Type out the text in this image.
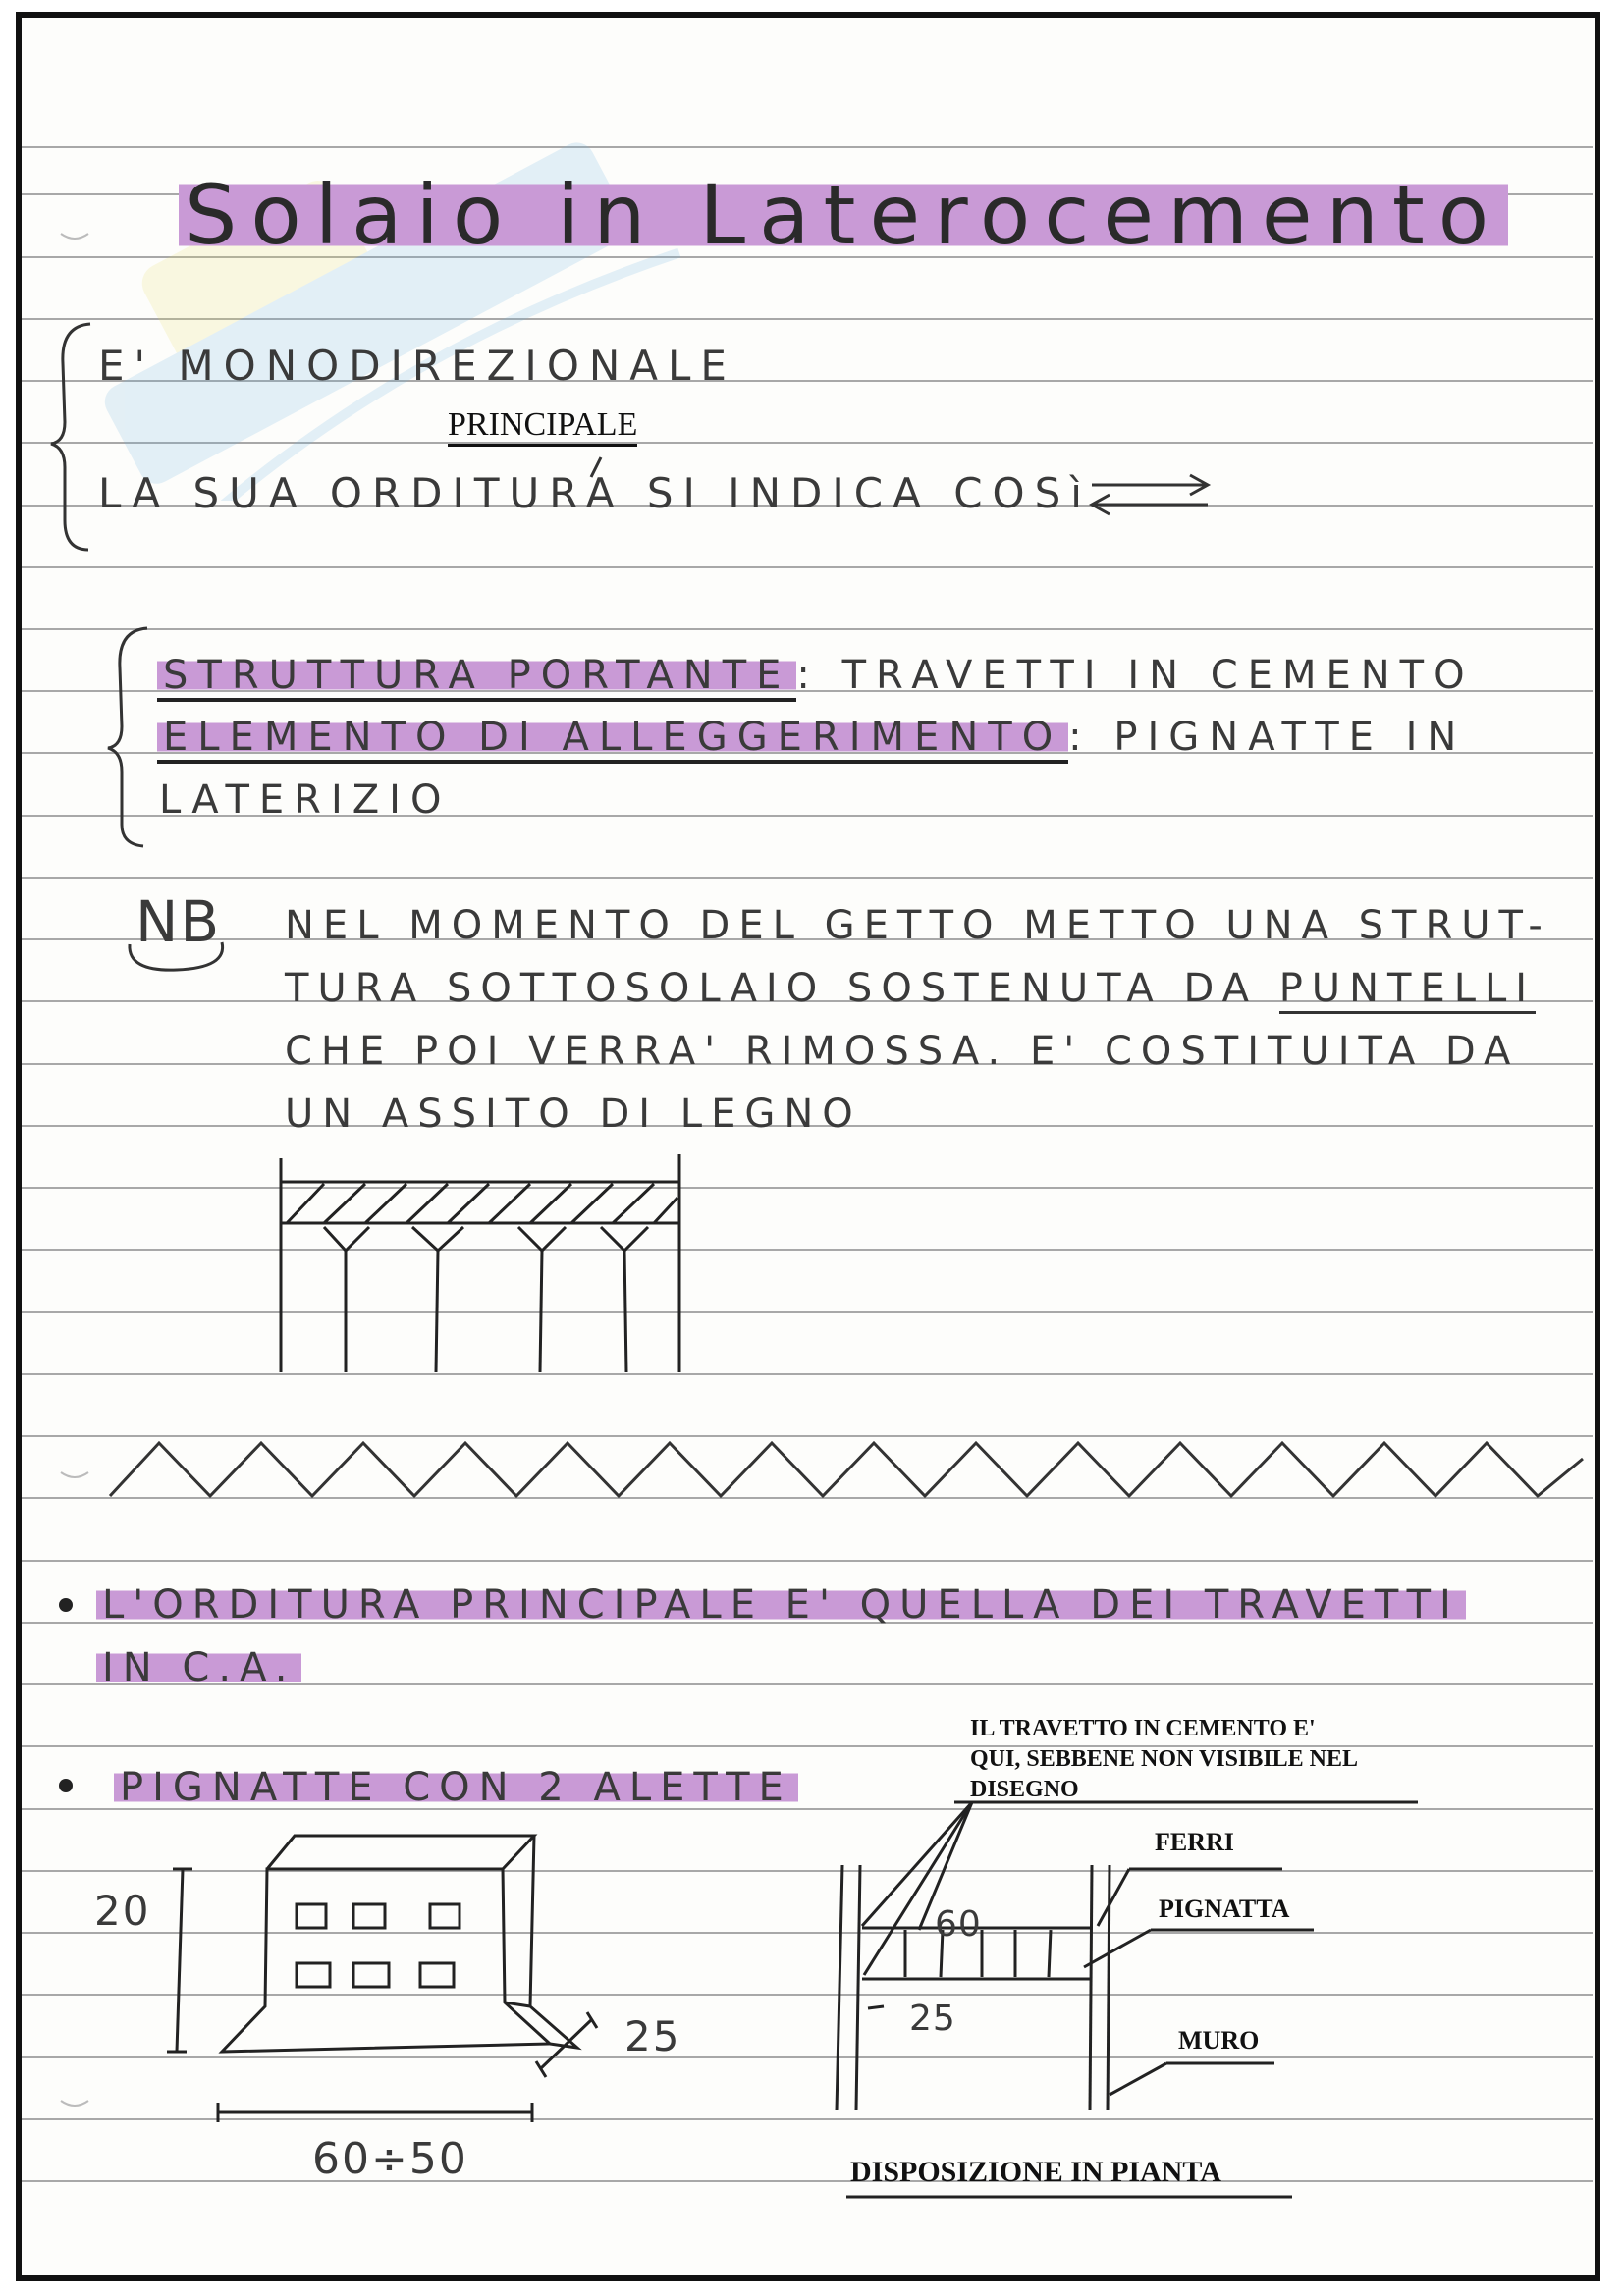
Solaio in Laterocemento
E' MONODIREZIONALE
PRINCIPALE
LA SUA ORDITURA SI INDICA COSì
STRUTTURA PORTANTE : TRAVETTI IN CEMENTO
ELEMENTO DI ALLEGGERIMENTO : PIGNATTE IN
LATERIZIO
NB NEL MOMENTO DEL GETTO METTO UNA STRUT-
TURA SOTTOSOLAIO SOSTENUTA DA PUNTELLI
CHE POI VERRA' RIMOSSA. E' COSTITUITA DA
UN ASSITO DI LEGNO
L'ORDITURA PRINCIPALE E' QUELLA DEI TRAVETTI
IN C.A.
PIGNATTE CON 2 ALETTE
20
25
60÷50
60
25
IL TRAVETTO IN CEMENTO E'
QUI, SEBBENE NON VISIBILE NEL
DISEGNO
FERRI
PIGNATTA
MURO
DISPOSIZIONE IN PIANTA
